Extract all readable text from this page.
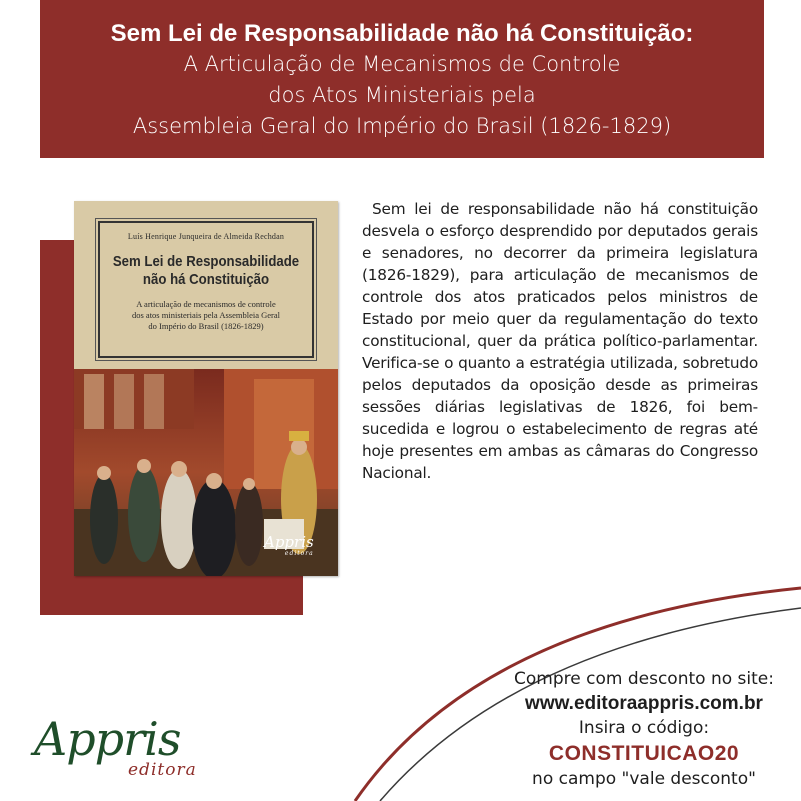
Sem Lei de Responsabilidade não há Constituição:
A Articulação de Mecanismos de Controle
dos Atos Ministeriais pela
Assembleia Geral do Império do Brasil (1826-1829)
Luís Henrique Junqueira de Almeida Rechdan
Sem Lei de Responsabilidade
não há Constituição
A articulação de mecanismos de controle
dos atos ministeriais pela Assembleia Geral
do Império do Brasil (1826-1829)
Appris
editora
Sem lei de responsabilidade não há constituição desvela o esforço desprendido por deputados gerais e senadores, no decorrer da primeira legislatura (1826-1829), para articulação de mecanismos de controle dos atos praticados pelos ministros de Estado por meio quer da regulamentação do texto constitucional, quer da prática político-parlamentar. Verifica-se o quanto a estratégia utilizada, sobretudo pelos deputados da oposição desde as primeiras sessões diárias legislativas de 1826, foi bem-sucedida e logrou o estabelecimento de regras até hoje presentes em ambas as câmaras do Congresso Nacional.
Compre com desconto no site:
www.editoraappris.com.br
Insira o código:
CONSTITUICAO20
no campo "vale desconto"
Appris
editora
